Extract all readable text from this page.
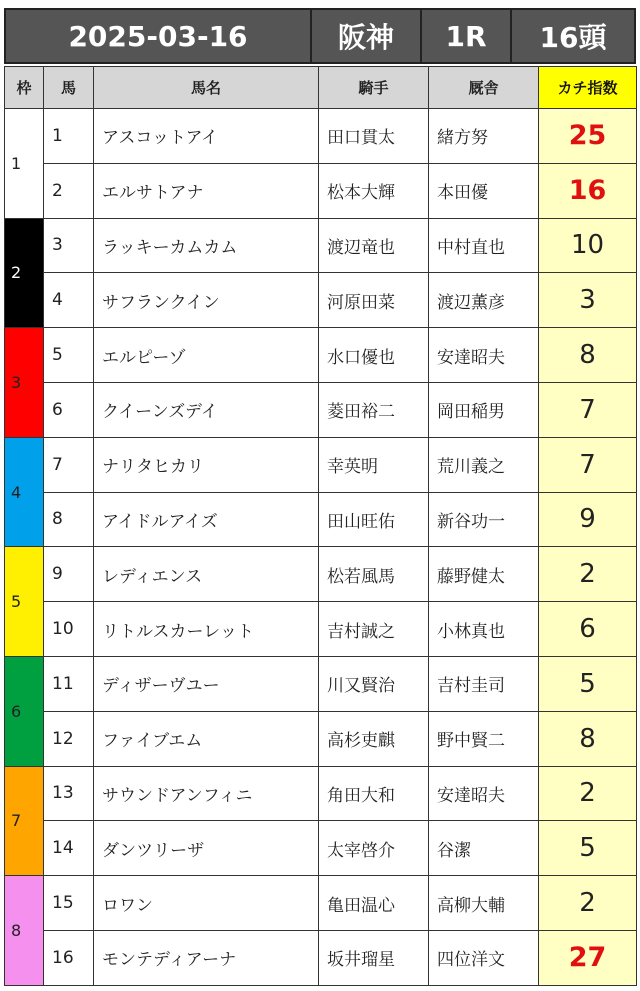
2025-03-16	阪神	1R	16頭
枠	馬	馬名	騎手	厩舎	カチ指数
1	1	アスコットアイ	田口貫太	緒方努	25
	2	エルサトアナ	松本大輝	本田優	16
2	3	ラッキーカムカム	渡辺竜也	中村直也	10
	4	サフランクイン	河原田菜	渡辺薫彦	3
3	5	エルピーゾ	水口優也	安達昭夫	8
	6	クイーンズデイ	菱田裕二	岡田稲男	7
4	7	ナリタヒカリ	幸英明	荒川義之	7
	8	アイドルアイズ	田山旺佑	新谷功一	9
5	9	レディエンス	松若風馬	藤野健太	2
	10	リトルスカーレット	吉村誠之	小林真也	6
6	11	ディザーヴユー	川又賢治	吉村圭司	5
	12	ファイブエム	高杉吏麒	野中賢二	8
7	13	サウンドアンフィニ	角田大和	安達昭夫	2
	14	ダンツリーザ	太宰啓介	谷潔	5
8	15	ロワン	亀田温心	高柳大輔	2
	16	モンテディアーナ	坂井瑠星	四位洋文	27
